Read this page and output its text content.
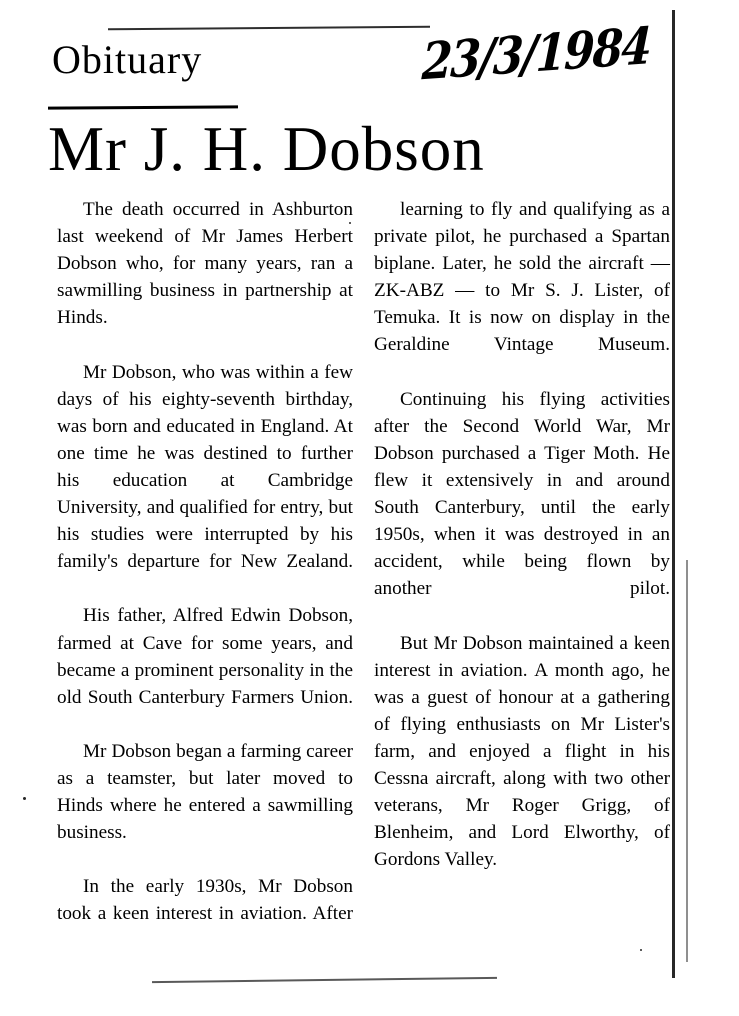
Obituary	23/3/1984
Mr J. H. Dobson

The death occurred in Ashburton last weekend of Mr James Herbert Dobson who, for many years, ran a sawmilling business in partnership at Hinds.

Mr Dobson, who was within a few days of his eighty-seventh birthday, was born and educated in England. At one time he was destined to further his education at Cambridge University, and qualified for entry, but his studies were interrupted by his family's departure for New Zealand.

His father, Alfred Edwin Dobson, farmed at Cave for some years, and became a prominent personality in the old South Canterbury Farmers Union.

Mr Dobson began a farming career as a teamster, but later moved to Hinds where he entered a sawmilling business.

In the early 1930s, Mr Dobson took a keen interest in aviation. After

learning to fly and qualifying as a private pilot, he purchased a Spartan biplane. Later, he sold the aircraft — ZK-ABZ — to Mr S. J. Lister, of Temuka. It is now on display in the Geraldine Vintage Museum.

Continuing his flying activities after the Second World War, Mr Dobson purchased a Tiger Moth. He flew it extensively in and around South Canterbury, until the early 1950s, when it was destroyed in an accident, while being flown by another pilot.

But Mr Dobson maintained a keen interest in aviation. A month ago, he was a guest of honour at a gathering of flying enthusiasts on Mr Lister's farm, and enjoyed a flight in his Cessna aircraft, along with two other veterans, Mr Roger Grigg, of Blenheim, and Lord Elworthy, of Gordons Valley.
